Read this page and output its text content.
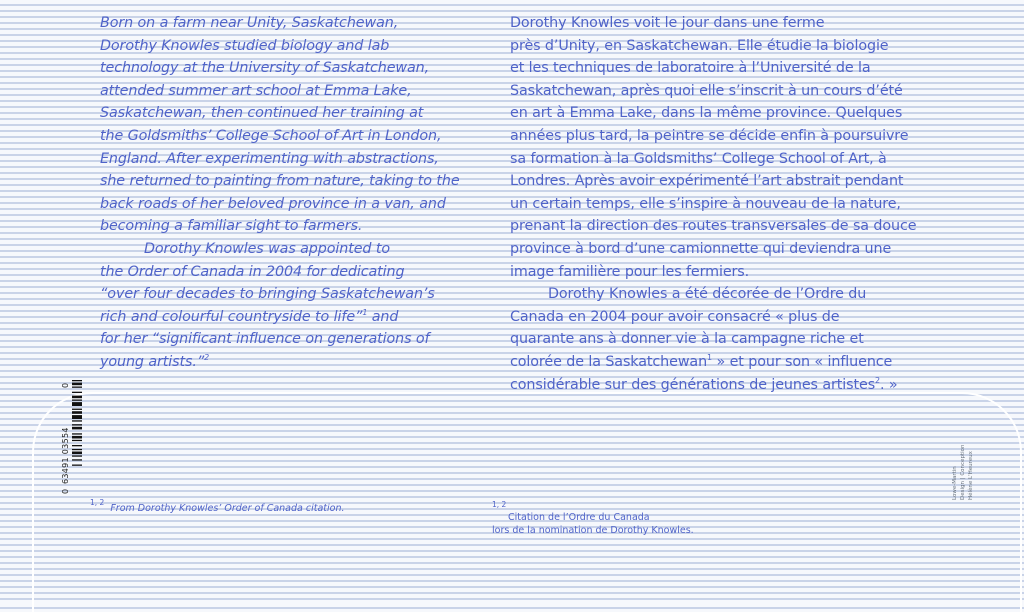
Born on a farm near Unity, Saskatchewan,
Dorothy Knowles studied biology and lab
technology at the University of Saskatchewan,
attended summer art school at Emma Lake,
Saskatchewan, then continued her training at
the Goldsmiths’ College School of Art in London,
England. After experimenting with abstractions,
she returned to painting from nature, taking to the
back roads of her beloved province in a van, and
becoming a familiar sight to farmers.

Dorothy Knowles was appointed to
the Order of Canada in 2004 for dedicating
“over four decades to bringing Saskatchewan’s
rich and colourful countryside to life”$^1$ and
for her “significant influence on generations of
young artists.”$^2$

Dorothy Knowles voit le jour dans une ferme
près d’Unity, en Saskatchewan. Elle étudie la biologie
et les techniques de laboratoire à l’Université de la
Saskatchewan, après quoi elle s’inscrit à un cours d’été
en art à Emma Lake, dans la même province. Quelques
années plus tard, la peintre se décide enfin à poursuivre
sa formation à la Goldsmiths’ College School of Art, à
Londres. Après avoir expérimenté l’art abstrait pendant
un certain temps, elle s’inspire à nouveau de la nature,
prenant la direction des routes transversales de sa douce
province à bord d’une camionnette qui deviendra une
image familière pour les fermiers.

Dorothy Knowles a été décorée de l’Ordre du
Canada en 2004 pour avoir consacré « plus de
quarante ans à donner vie à la campagne riche et
colorée de la Saskatchewan$^1$ » et pour son « influence
considérable sur des générations de jeunes artistes$^2$. »

$^{1, 2}$ From Dorothy Knowles’ Order of Canada citation.	$^{1, 2}$
Citation de l’Ordre du Canada
lors de la nomination de Dorothy Knowles.
0
63491 03554
0
Lowe-Martin Design | Conception Hélène L'Heureux
